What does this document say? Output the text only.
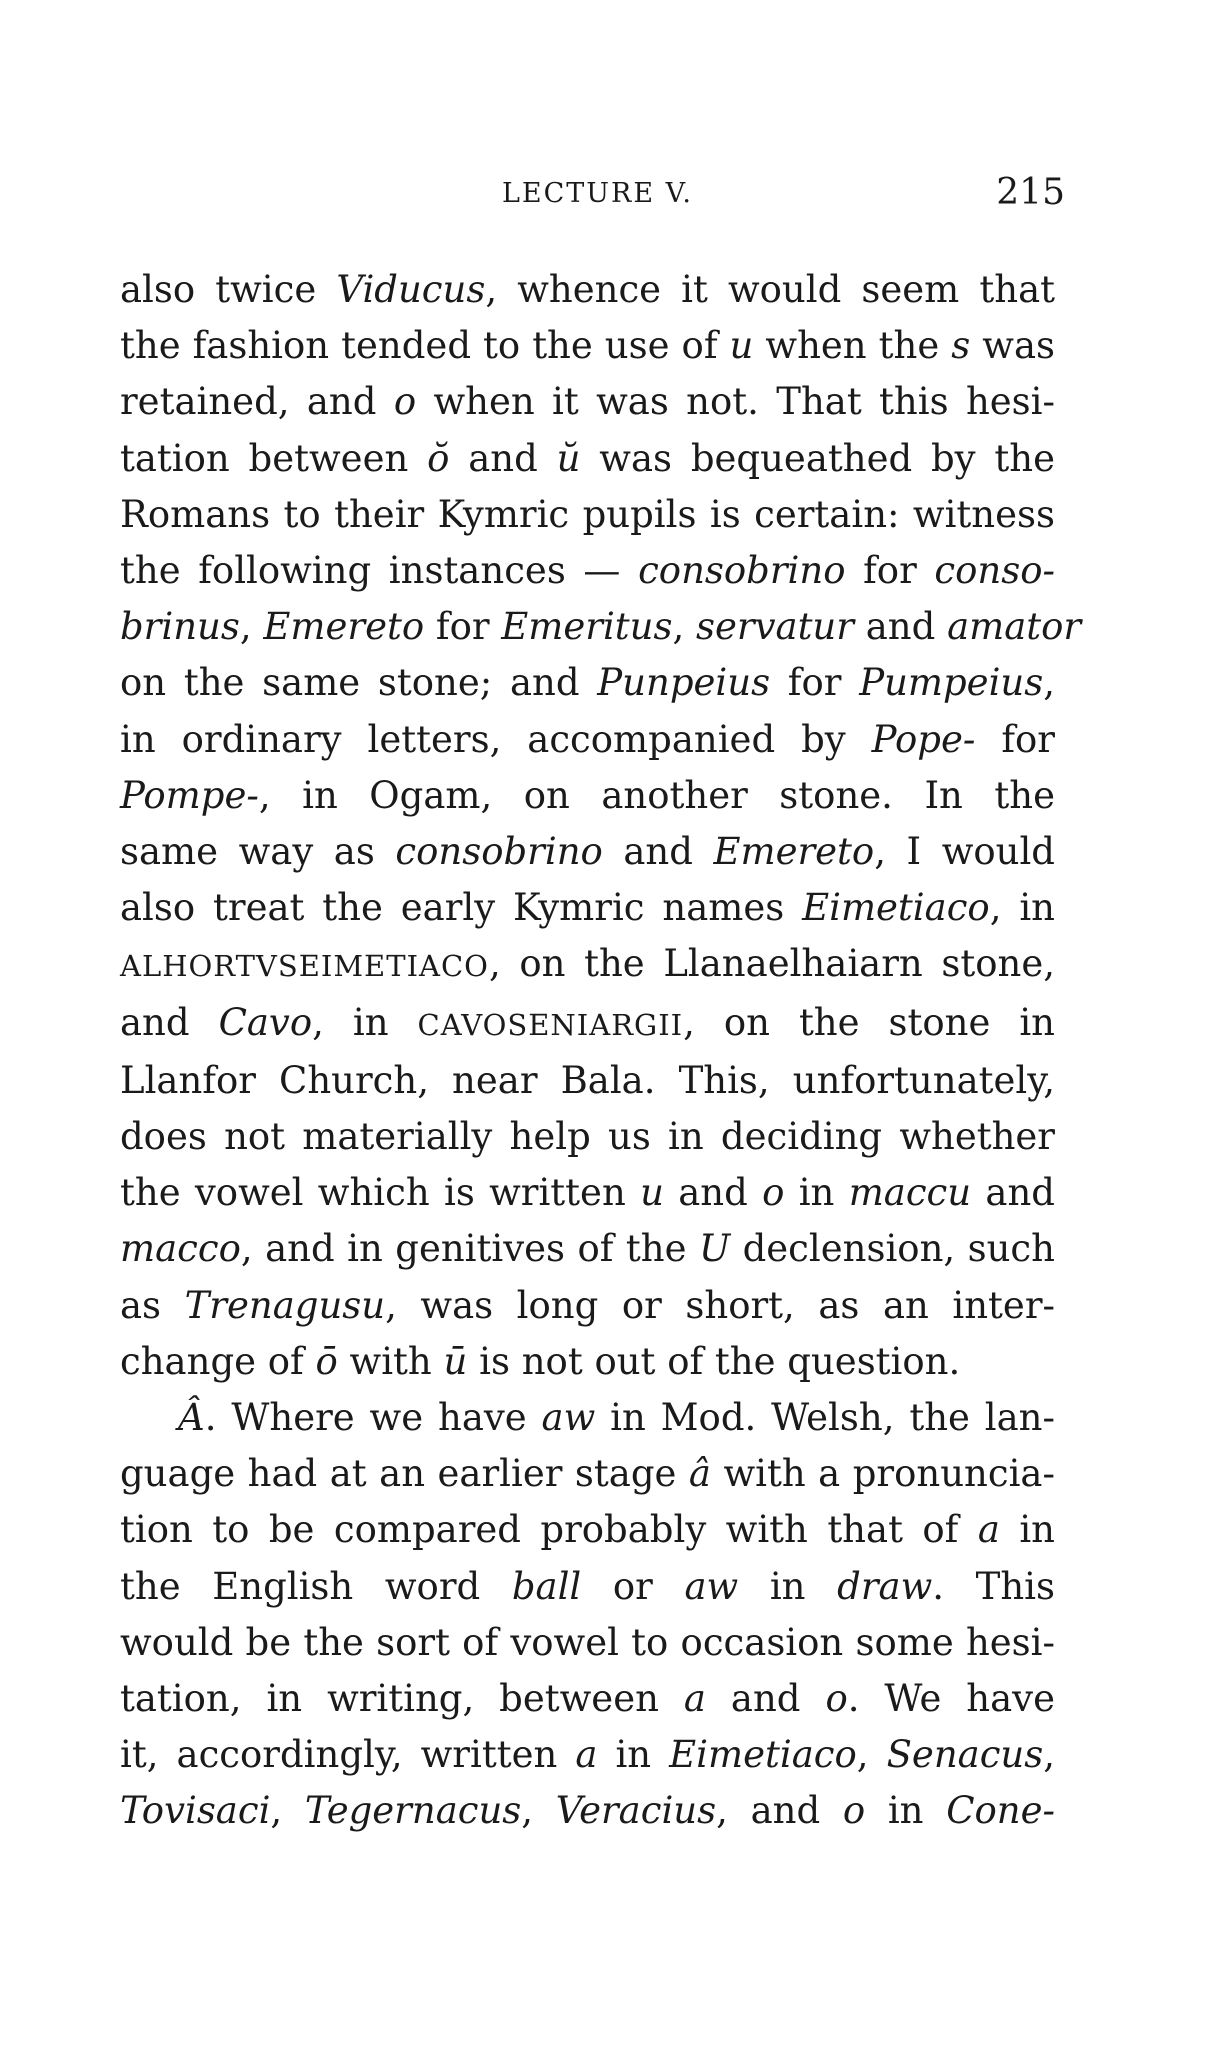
LECTURE V.	215
also twice Viducus, whence it would seem that
the fashion tended to the use of u when the s was
retained, and o when it was not. That this hesi-
tation between ŏ and ŭ was bequeathed by the
Romans to their Kymric pupils is certain: witness
the following instances — consobrino for conso-
brinus, Emereto for Emeritus, servatur and amator
on the same stone; and Punpeius for Pumpeius,
in ordinary letters, accompanied by Pope- for
Pompe-, in Ogam, on another stone. In the
same way as consobrino and Emereto, I would
also treat the early Kymric names Eimetiaco, in
ALHORTVSEIMETIACO, on the Llanaelhaiarn stone,
and Cavo, in CAVOSENIARGII, on the stone in
Llanfor Church, near Bala. This, unfortunately,
does not materially help us in deciding whether
the vowel which is written u and o in maccu and
macco, and in genitives of the U declension, such
as Trenagusu, was long or short, as an inter-
change of ō with ū is not out of the question.
Â. Where we have aw in Mod. Welsh, the lan-
guage had at an earlier stage â with a pronuncia-
tion to be compared probably with that of a in
the English word ball or aw in draw. This
would be the sort of vowel to occasion some hesi-
tation, in writing, between a and o. We have
it, accordingly, written a in Eimetiaco, Senacus,
Tovisaci, Tegernacus, Veracius, and o in Cone-
